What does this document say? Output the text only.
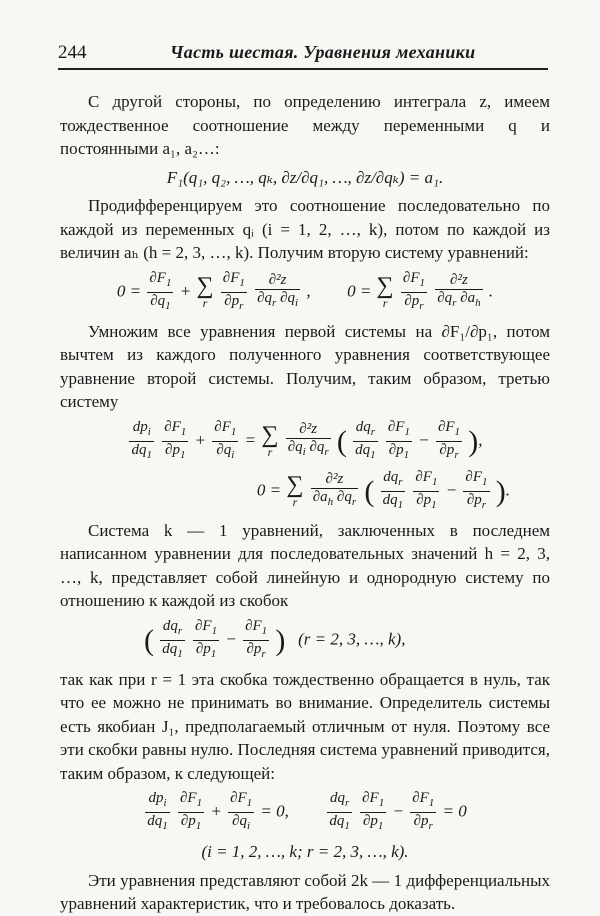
244	Часть шестая. Уравнения механики

С другой стороны, по определению интеграла z, имеем тождественное соотношение между переменными q и постоянными a₁, a₂…:

F₁(q₁, q₂, …, qₖ, ∂z/∂q₁, …, ∂z/∂qₖ) = a₁.

Продифференцируем это соотношение последовательно по каждой из переменных qᵢ (i = 1, 2, …, k), потом по каждой из величин aₕ (h = 2, 3, …, k). Получим вторую систему уравнений:

$0 = \frac{\partial F_1}{\partial q_1}$ + ∑
r
$\frac{\partial F_1}{\partial p_r}$
$\frac{\text{∂²z}}{\partial q_r \partial q_i}$ ,  0 = ∑
r
$\frac{\partial F_1}{\partial p_r}$
$\frac{\text{∂²z}}{\partial q_r \partial a_h}$ .

Умножим все уравнения первой системы на ∂F₁/∂p₁, потом вычтем из каждого полученного уравнения соответствующее уравнение второй системы. Получим, таким образом, третью систему

$\frac{dp_i}{dq_1}$
$\frac{\partial F_1}{\partial p_1} + \frac{\partial F_1}{\partial q_i}$ = ∑
r
$\frac{\text{∂²z}}{\partial q_i \partial q_r}$ ( $\frac{dq_r}{dq_1}$
$\frac{\partial F_1}{\partial p_1} - \frac{\partial F_1}{\partial p_r}$ ),
0 = ∑
r
$\frac{\text{∂²z}}{\partial a_h \partial q_r}$ ( $\frac{dq_r}{dq_1}$
$\frac{\partial F_1}{\partial p_1} - \frac{\partial F_1}{\partial p_r}$ ).

Система k — 1 уравнений, заключенных в последнем написанном уравнении для последовательных значений h = 2, 3, …, k, представляет собой линейную и однородную систему по отношению к каждой из скобок

( $\frac{dq_r}{dq_1}$
$\frac{\partial F_1}{\partial p_1} - \frac{\partial F_1}{\partial p_r}$ ) (r = 2, 3, …, k),

так как при r = 1 эта скобка тождественно обращается в нуль, так что ее можно не принимать во внимание. Определитель системы есть якобиан J₁, предполагаемый отличным от нуля. Поэтому все эти скобки равны нулю. Последняя система уравнений приводится, таким образом, к следующей:

$\frac{dp_i}{dq_1}$
$\frac{\partial F_1}{\partial p_1} + \frac{\partial F_1}{\partial q_i} = 0$, $\frac{dq_r}{dq_1}$
$\frac{\partial F_1}{\partial p_1} - \frac{\partial F_1}{\partial p_r} = 0$
(i = 1, 2, …, k; r = 2, 3, …, k).

Эти уравнения представляют собой 2k — 1 дифференциальных уравнений характеристик, что и требовалось доказать.
